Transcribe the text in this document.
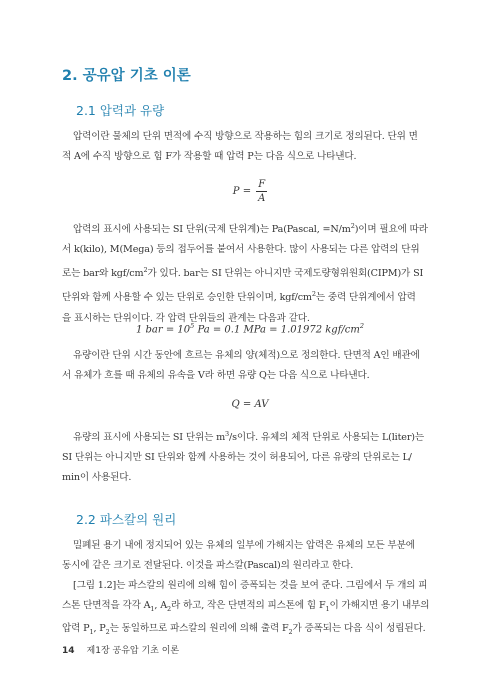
2. 공유압 기초 이론
2.1 압력과 유량

압력이란 물체의 단위 면적에 수직 방향으로 작용하는 힘의 크기로 정의된다. 단위 면

적 A에 수직 방향으로 힘 F가 작용할 때 압력 P는 다음 식으로 나타낸다.

$P = \frac{F}{A}$

압력의 표시에 사용되는 SI 단위(국제 단위계)는 Pa(Pascal, $=N/m^2$)이며 필요에 따라

서 k(kilo), M(Mega) 등의 접두어를 붙여서 사용한다. 많이 사용되는 다른 압력의 단위

로는 bar와 kgf/$cm^2$가 있다. bar는 SI 단위는 아니지만 국제도량형위원회(CIPM)가 SI

단위와 함께 사용할 수 있는 단위로 승인한 단위이며, kgf/$cm^2$는 중력 단위계에서 압력

을 표시하는 단위이다. 각 압력 단위들의 관계는 다음과 같다.

1 bar = $10^5$ Pa = 0.1 MPa = 1.01972 kgf/$cm^2$

유량이란 단위 시간 동안에 흐르는 유체의 양(체적)으로 정의한다. 단면적 A인 배관에

서 유체가 흐를 때 유체의 유속을 V라 하면 유량 Q는 다음 식으로 나타낸다.

Q = AV

유량의 표시에 사용되는 SI 단위는 $m^3/s$이다. 유체의 체적 단위로 사용되는 L(liter)는

SI 단위는 아니지만 SI 단위와 함께 사용하는 것이 허용되어, 다른 유량의 단위로는 L/

min이 사용된다.

2.2 파스칼의 원리

밀폐된 용기 내에 정지되어 있는 유체의 일부에 가해지는 압력은 유체의 모든 부분에

동시에 같은 크기로 전달된다. 이것을 파스칼(Pascal)의 원리라고 한다.

[그림 1.2]는 파스칼의 원리에 의해 힘이 증폭되는 것을 보여 준다. 그림에서 두 개의 피

스톤 단면적을 각각 $A_1$, $A_2$라 하고, 작은 단면적의 피스톤에 힘 $F_1$이 가해지면 용기 내부의

압력 $P_1$, $P_2$는 동일하므로 파스칼의 원리에 의해 출력 $F_2$가 증폭되는 다음 식이 성립된다.

14 제1장 공유압 기초 이론
